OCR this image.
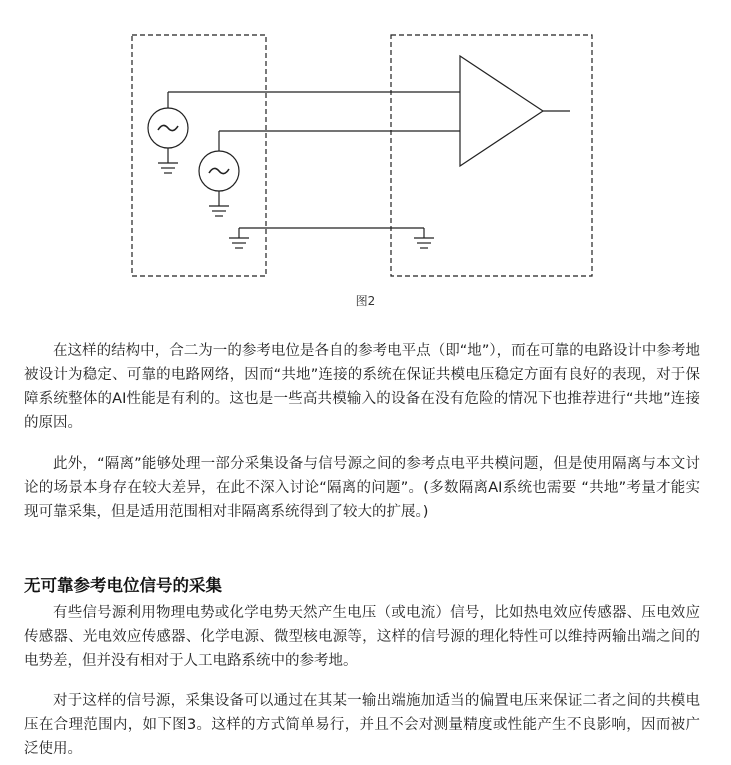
图2

在这样的结构中，合二为一的参考电位是各自的参考电平点（即“地”），而在可靠的电路设计中参考地被设计为稳定、可靠的电路网络，因而“共地”连接的系统在保证共模电压稳定方面有良好的表现，对于保障系统整体的AI性能是有利的。这也是一些高共模输入的设备在没有危险的情况下也推荐进行“共地”连接的原因。

此外，“隔离”能够处理一部分采集设备与信号源之间的参考点电平共模问题，但是使用隔离与本文讨论的场景本身存在较大差异，在此不深入讨论“隔离的问题”。(多数隔离AI系统也需要 “共地”考量才能实现可靠采集，但是适用范围相对非隔离系统得到了较大的扩展。)

无可靠参考电位信号的采集

有些信号源利用物理电势或化学电势天然产生电压（或电流）信号，比如热电效应传感器、压电效应传感器、光电效应传感器、化学电源、微型核电源等，这样的信号源的理化特性可以维持两输出端之间的电势差，但并没有相对于人工电路系统中的参考地。

对于这样的信号源，采集设备可以通过在其某一输出端施加适当的偏置电压来保证二者之间的共模电压在合理范围内，如下图3。这样的方式简单易行，并且不会对测量精度或性能产生不良影响，因而被广泛使用。
